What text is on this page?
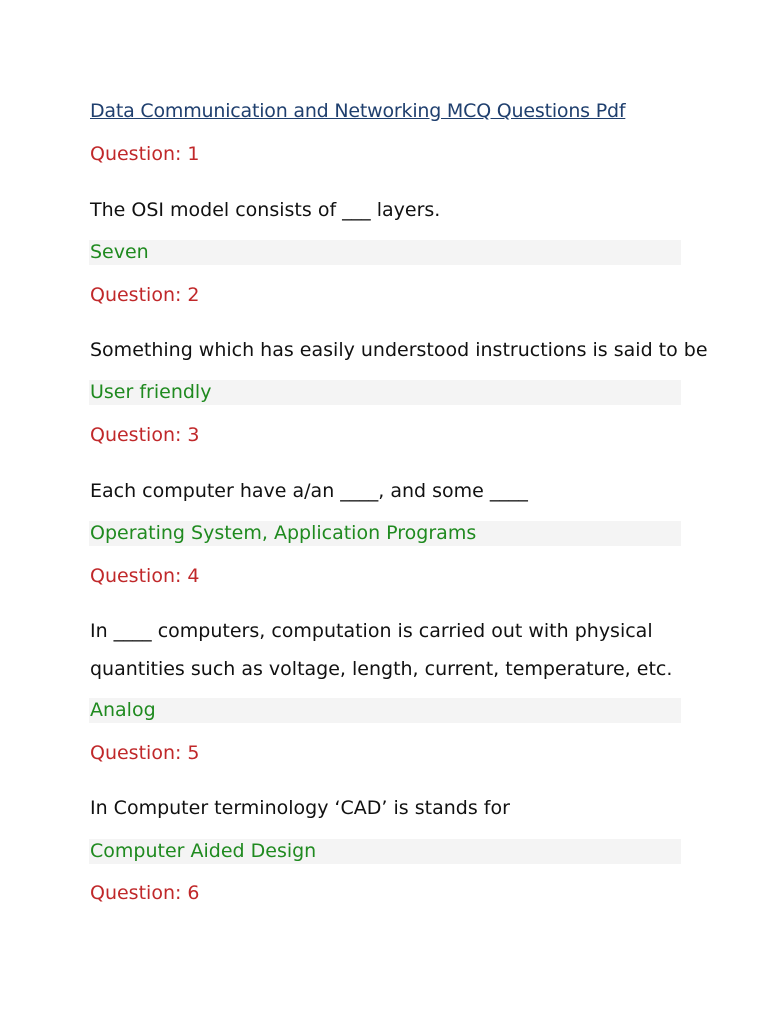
Data Communication and Networking MCQ Questions Pdf
Question: 1
The OSI model consists of ___ layers.
Seven
Question: 2
Something which has easily understood instructions is said to be
User friendly
Question: 3
Each computer have a/an ____, and some ____
Operating System, Application Programs
Question: 4
In ____ computers, computation is carried out with physical
quantities such as voltage, length, current, temperature, etc.
Analog
Question: 5
In Computer terminology ‘CAD’ is stands for
Computer Aided Design
Question: 6
